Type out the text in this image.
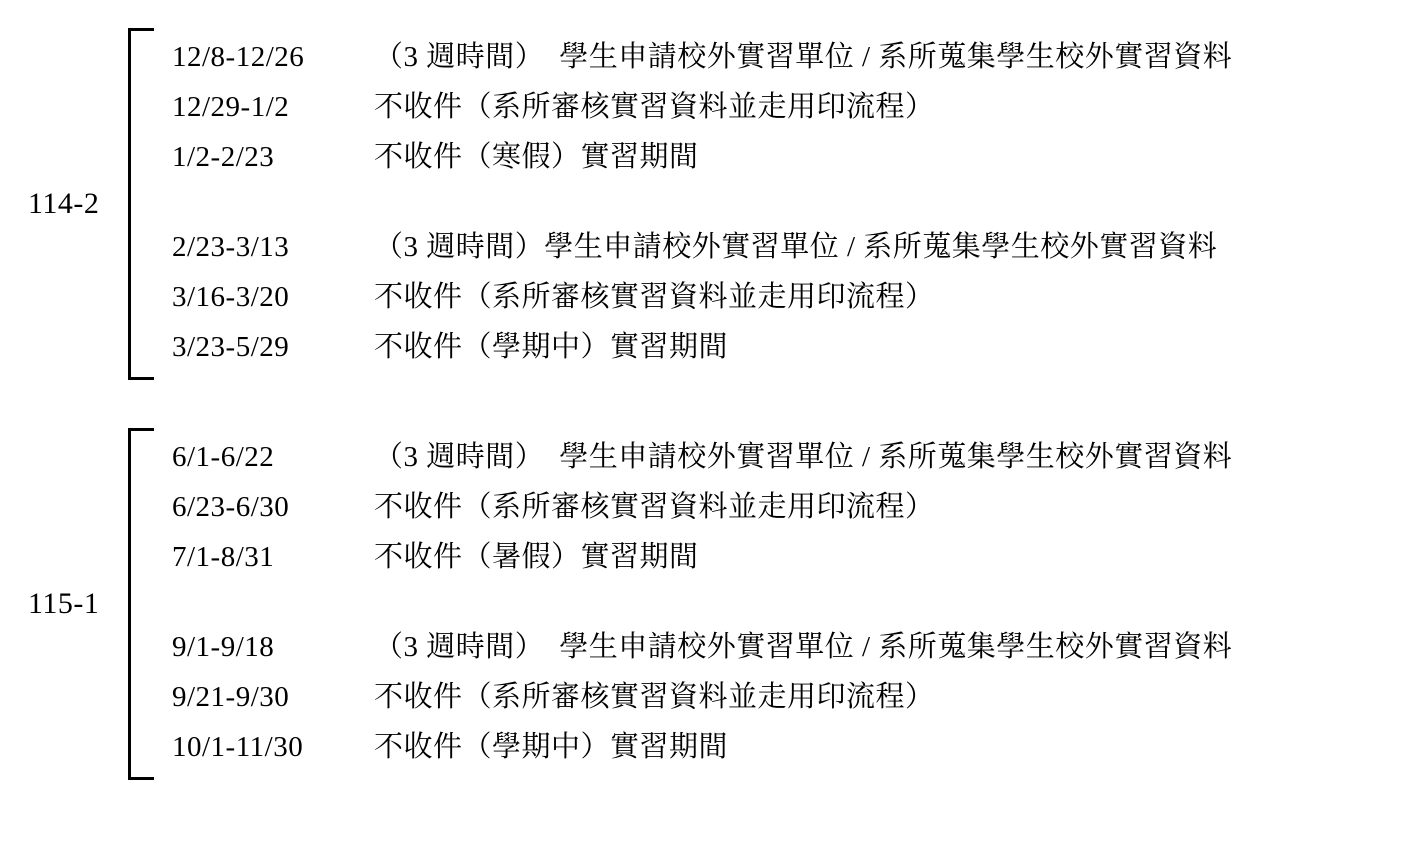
114-2
12/8-12/26	（3 週時間）　學生申請校外實習單位 / 系所蒐集學生校外實習資料
12/29-1/2	不收件（系所審核實習資料並走用印流程）
1/2-2/23	不收件（寒假）實習期間
2/23-3/13	（3 週時間）學生申請校外實習單位 / 系所蒐集學生校外實習資料
3/16-3/20	不收件（系所審核實習資料並走用印流程）
3/23-5/29	不收件（學期中）實習期間
115-1
6/1-6/22	（3 週時間）　學生申請校外實習單位 / 系所蒐集學生校外實習資料
6/23-6/30	不收件（系所審核實習資料並走用印流程）
7/1-8/31	不收件（暑假）實習期間
9/1-9/18	（3 週時間）　學生申請校外實習單位 / 系所蒐集學生校外實習資料
9/21-9/30	不收件（系所審核實習資料並走用印流程）
10/1-11/30	不收件（學期中）實習期間
